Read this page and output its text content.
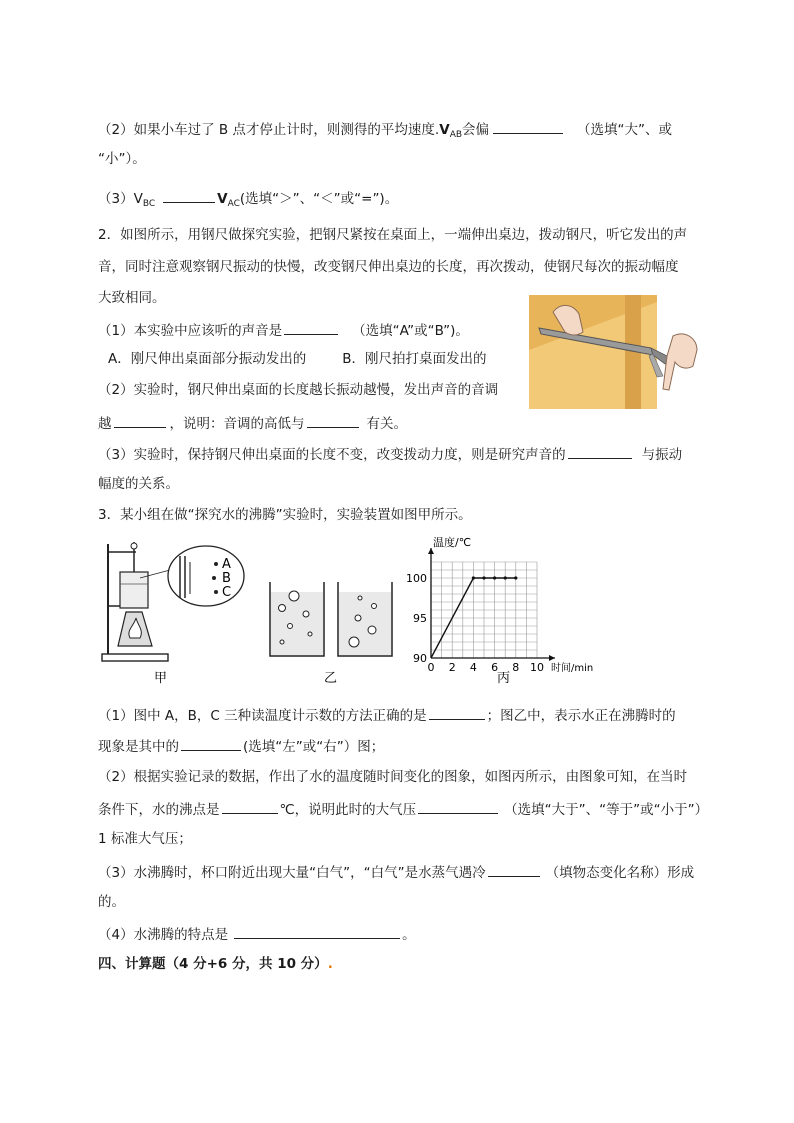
（2）如果小车过了 B 点才停止计时，则测得的平均速度$.V_{AB}$会偏	（选填“大”、或
“小”）。
$(3)V_{BC}$	$V_{AC}$(选填“＞”、“＜”或“=”)。
2．如图所示，用钢尺做探究实验，把钢尺紧按在桌面上，一端伸出桌边，拨动钢尺，听它发出的声
音，同时注意观察钢尺振动的快慢，改变钢尺伸出桌边的长度，再次拨动，使钢尺每次的振动幅度
大致相同。
（1）本实验中应该听的声音是	（选填“A”或“B”)。
A．刚尺伸出桌面部分振动发出的	B．刚尺拍打桌面发出的
（2）实验时，钢尺伸出桌面的长度越长振动越慢，发出声音的音调
越	，说明：音调的高低与	有关。
（3）实验时，保持钢尺伸出桌面的长度不变，改变拨动力度，则是研究声音的	与振动
幅度的关系。
3．某小组在做“探究水的沸腾”实验时，实验装置如图甲所示。
A
B
C
甲	乙
0 2 4 6 8 10
90
95
100
温度/℃
时间/min
丙
（1）图中 A，B，C 三种读温度计示数的方法正确的是	；图乙中，表示水正在沸腾时的
现象是其中的	(选填“左”或“右”）图；
（2）根据实验记录的数据，作出了水的温度随时间变化的图象，如图丙所示，由图象可知，在当时
条件下，水的沸点是	℃，说明此时的大气压	（选填“大于”、“等于”或“小于”）
1 标准大气压；
（3）水沸腾时，杯口附近出现大量“白气”，“白气”是水蒸气遇冷	（填物态变化名称）形成
的。
（4）水沸腾的特点是	。
四、计算题（4 分+6 分，共 10 分）.
